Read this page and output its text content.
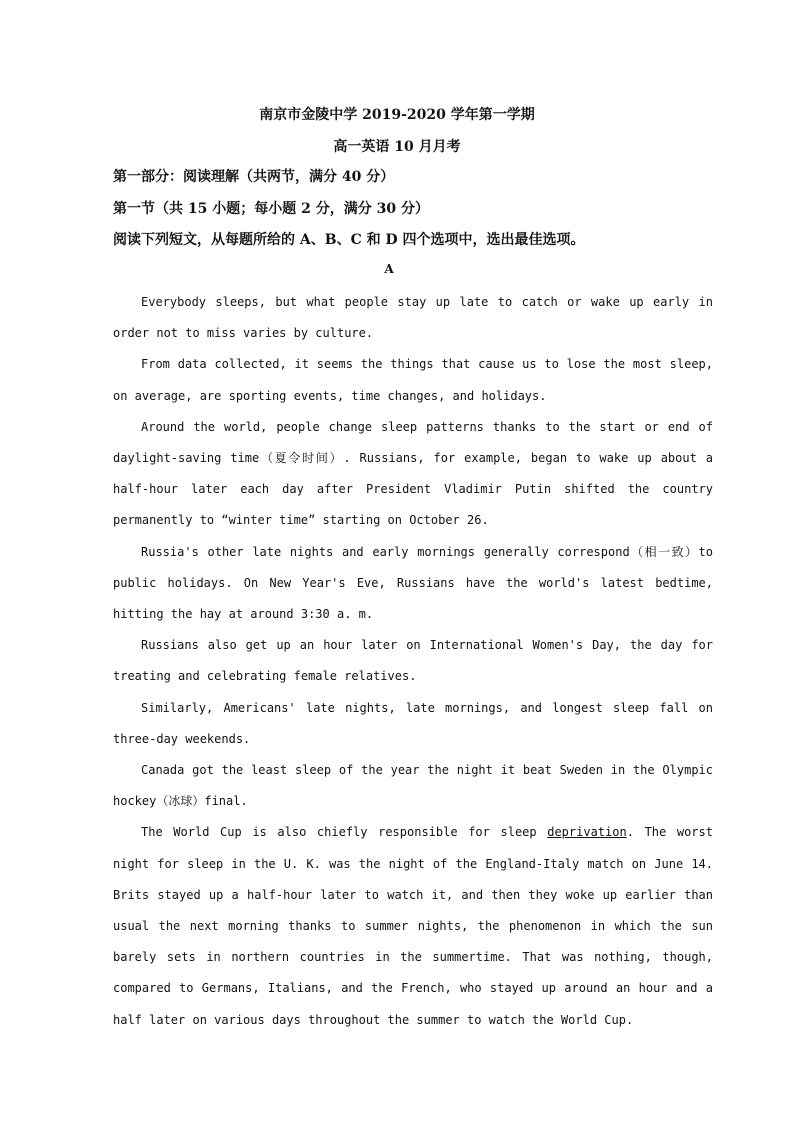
南京市金陵中学 2019-2020 学年第一学期
高一英语 10 月月考
第一部分：阅读理解（共两节，满分 40 分）
第一节（共 15 小题；每小题 2 分，满分 30 分）
阅读下列短文，从每题所给的 A、B、C 和 D 四个选项中，选出最佳选项。
A

Everybody sleeps, but what people stay up late to catch or wake up early in order not to miss varies by culture.

From data collected, it seems the things that cause us to lose the most sleep, on average, are sporting events, time changes, and holidays.

Around the world, people change sleep patterns thanks to the start or end of daylight-saving time（夏令时间）. Russians, for example, began to wake up about a half-hour later each day after President Vladimir Putin shifted the country permanently to “winter time” starting on October 26.

Russia's other late nights and early mornings generally correspond（相一致）to public holidays. On New Year's Eve, Russians have the world's latest bedtime, hitting the hay at around 3:30 a. m.

Russians also get up an hour later on International Women's Day, the day for treating and celebrating female relatives.

Similarly, Americans' late nights, late mornings, and longest sleep fall on three-day weekends.

Canada got the least sleep of the year the night it beat Sweden in the Olympic hockey（冰球）final.

The World Cup is also chiefly responsible for sleep deprivation. The worst night for sleep in the U. K. was the night of the England-Italy match on June 14. Brits stayed up a half-hour later to watch it, and then they woke up earlier than usual the next morning thanks to summer nights, the phenomenon in which the sun barely sets in northern countries in the summertime. That was nothing, though, compared to Germans, Italians, and the French, who stayed up around an hour and a half later on various days throughout the summer to watch the World Cup.
